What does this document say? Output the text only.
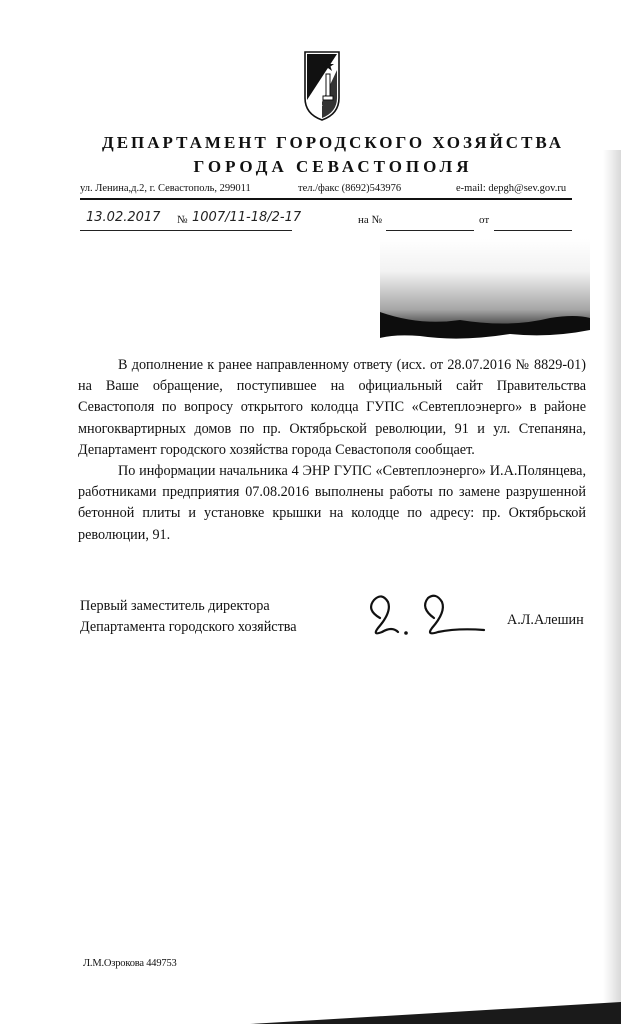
ДЕПАРТАМЕНТ ГОРОДСКОГО ХОЗЯЙСТВА
ГОРОДА СЕВАСТОПОЛЯ
ул. Ленина,д.2, г. Севастополь, 299011	тел./факс (8692)543976	e-mail: depgh@sev.gov.ru
13.02.2017 № 1007/11-18/2-17	на №	от

В дополнение к ранее направленному ответу (исх. от 28.07.2016 № 8829-01) на Ваше обращение, поступившее на официальный сайт Правительства Севастополя по вопросу открытого колодца ГУПС «Севтеплоэнерго» в районе многоквартирных домов по пр. Октябрьской революции, 91 и ул. Степаняна, Департамент городского хозяйства города Севастополя сообщает.

По информации начальника 4 ЭНР ГУПС «Севтеплоэнерго» И.А.Полянцева, работниками предприятия 07.08.2016 выполнены работы по замене разрушенной бетонной плиты и установке крышки на колодце по адресу: пр. Октябрьской революции, 91.

Первый заместитель директора
Департамента городского хозяйства	А.Л.Алешин
Л.М.Озрокова 449753
